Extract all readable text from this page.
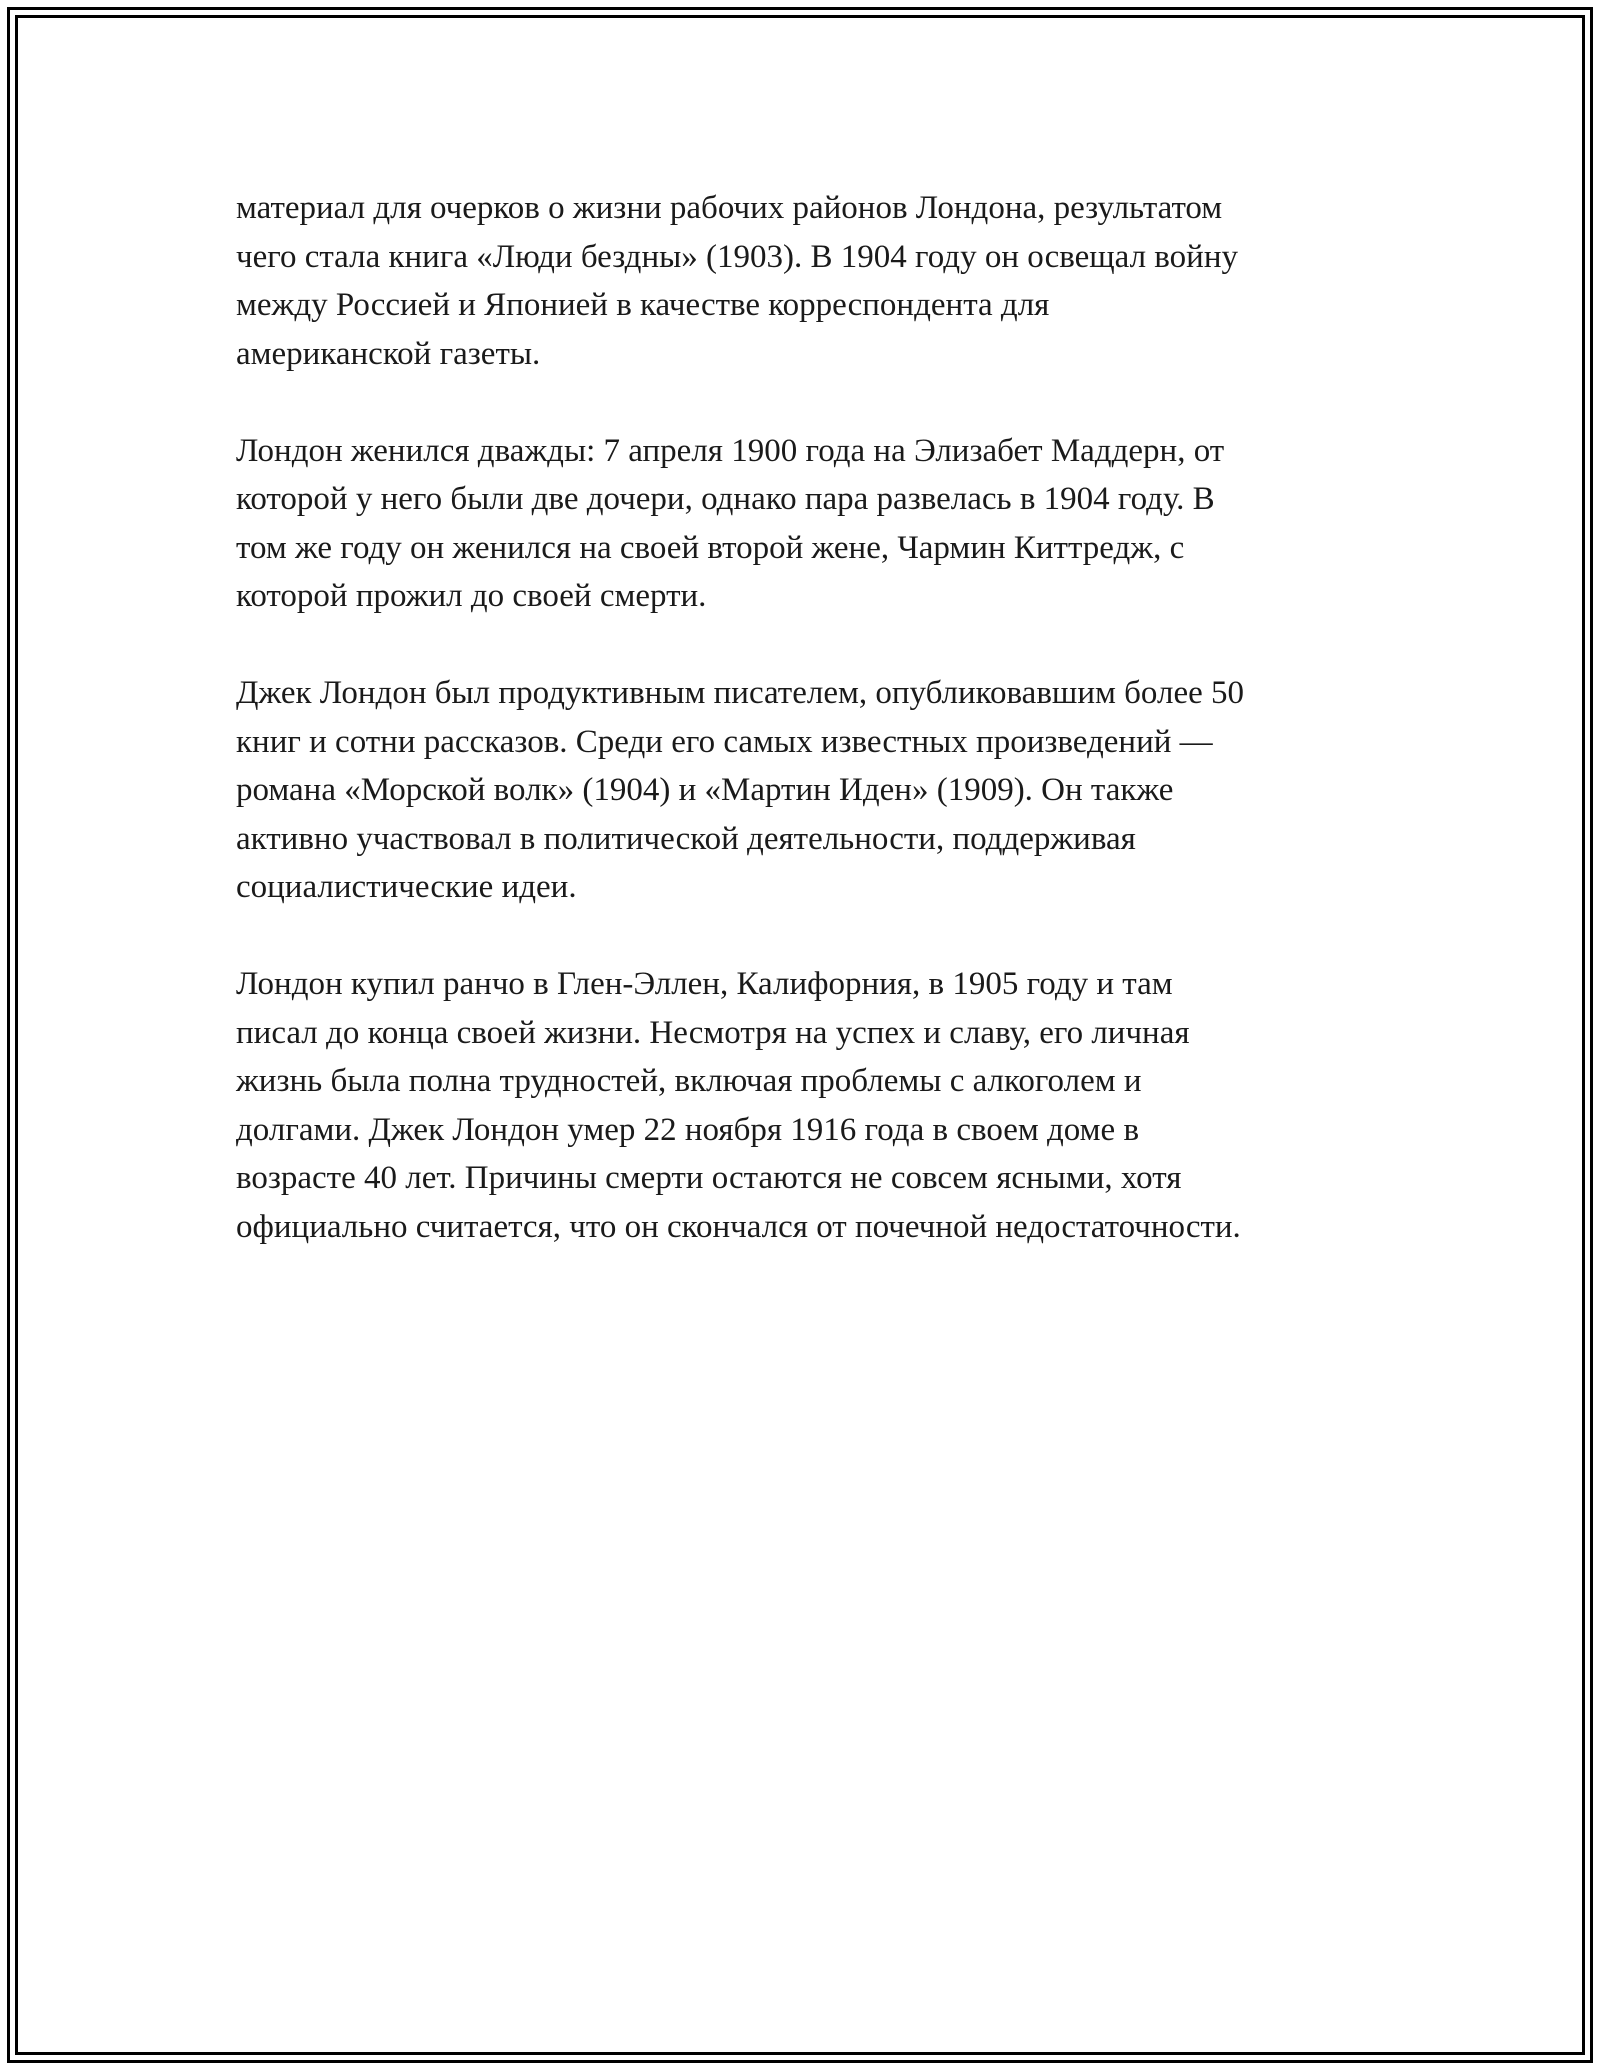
материал для очерков о жизни рабочих районов Лондона, результатом
чего стала книга «Люди бездны» (1903). В 1904 году он освещал войну
между Россией и Японией в качестве корреспондента для
американской газеты.

Лондон женился дважды: 7 апреля 1900 года на Элизабет Маддерн, от
которой у него были две дочери, однако пара развелась в 1904 году. В
том же году он женился на своей второй жене, Чармин Киттредж, с
которой прожил до своей смерти.

Джек Лондон был продуктивным писателем, опубликовавшим более 50
книг и сотни рассказов. Среди его самых известных произведений —
романа «Морской волк» (1904) и «Мартин Иден» (1909). Он также
активно участвовал в политической деятельности, поддерживая
социалистические идеи.

Лондон купил ранчо в Глен-Эллен, Калифорния, в 1905 году и там
писал до конца своей жизни. Несмотря на успех и славу, его личная
жизнь была полна трудностей, включая проблемы с алкоголем и
долгами. Джек Лондон умер 22 ноября 1916 года в своем доме в
возрасте 40 лет. Причины смерти остаются не совсем ясными, хотя
официально считается, что он скончался от почечной недостаточности.
